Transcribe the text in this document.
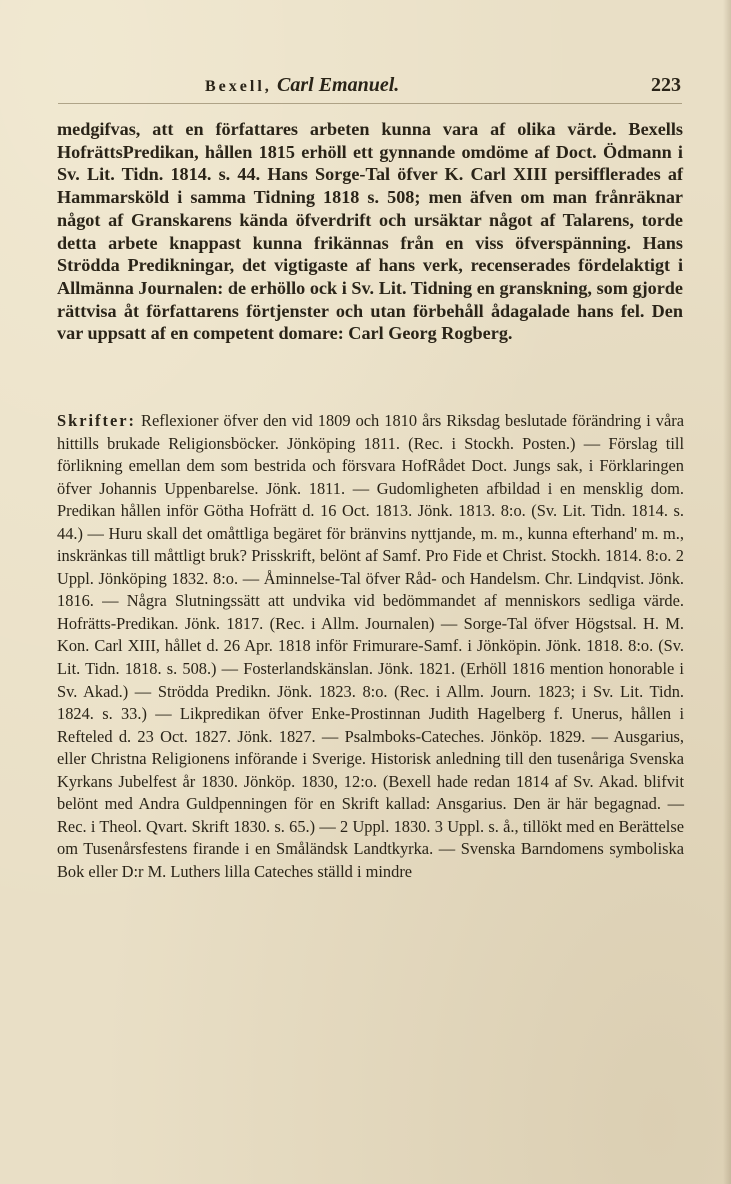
Bexell, Carl Emanuel.	223

medgifvas, att en författares arbeten kunna vara af olika värde. Bexells HofrättsPredikan, hållen 1815 erhöll ett gynnande omdöme af Doct. Ödmann i Sv. Lit. Tidn. 1814. s. 44. Hans Sorge-Tal öfver K. Carl XIII persifflerades af Hammarsköld i samma Tidning 1818 s. 508; men äfven om man frånräknar något af Granskarens kända öfverdrift och ursäktar något af Talarens, torde detta arbete knappast kunna frikännas från en viss öfverspänning. Hans Strödda Predikningar, det vigtigaste af hans verk, recenserades fördelaktigt i Allmänna Journalen: de erhöllo ock i Sv. Lit. Tidning en granskning, som gjorde rättvisa åt författarens förtjenster och utan förbehåll ådagalade hans fel. Den var uppsatt af en competent domare: Carl Georg Rogberg.

Skrifter: Reflexioner öfver den vid 1809 och 1810 års Riksdag beslutade förändring i våra hittills brukade Religionsböcker. Jönköping 1811. (Rec. i Stockh. Posten.) — Förslag till förlikning emellan dem som bestrida och försvara HofRådet Doct. Jungs sak, i Förklaringen öfver Johannis Uppenbarelse. Jönk. 1811. — Gudomligheten afbildad i en mensklig dom. Predikan hållen inför Götha Hofrätt d. 16 Oct. 1813. Jönk. 1813. 8:o. (Sv. Lit. Tidn. 1814. s. 44.) — Huru skall det omåttliga begäret för bränvins nyttjande, m. m., kunna efterhand' m. m., inskränkas till måttligt bruk? Prisskrift, belönt af Samf. Pro Fide et Christ. Stockh. 1814. 8:o. 2 Uppl. Jönköping 1832. 8:o. — Åminnelse-Tal öfver Råd- och Handelsm. Chr. Lindqvist. Jönk. 1816. — Några Slutningssätt att undvika vid bedömmandet af menniskors sedliga värde. Hofrätts-Predikan. Jönk. 1817. (Rec. i Allm. Journalen) — Sorge-Tal öfver Högstsal. H. M. Kon. Carl XIII, hållet d. 26 Apr. 1818 inför Frimurare-Samf. i Jönköpin. Jönk. 1818. 8:o. (Sv. Lit. Tidn. 1818. s. 508.) — Fosterlandskänslan. Jönk. 1821. (Erhöll 1816 mention honorable i Sv. Akad.) — Strödda Predikn. Jönk. 1823. 8:o. (Rec. i Allm. Journ. 1823; i Sv. Lit. Tidn. 1824. s. 33.) — Likpredikan öfver Enke-Prostinnan Judith Hagelberg f. Unerus, hållen i Refteled d. 23 Oct. 1827. Jönk. 1827. — Psalmboks-Cateches. Jönköp. 1829. — Ausgarius, eller Christna Religionens införande i Sverige. Historisk anledning till den tusenåriga Svenska Kyrkans Jubelfest år 1830. Jönköp. 1830, 12:o. (Bexell hade redan 1814 af Sv. Akad. blifvit belönt med Andra Guldpenningen för en Skrift kallad: Ansgarius. Den är här begagnad. — Rec. i Theol. Qvart. Skrift 1830. s. 65.) — 2 Uppl. 1830. 3 Uppl. s. å., tillökt med en Berättelse om Tusenårsfestens firande i en Småländsk Landtkyrka. — Svenska Barndomens symboliska Bok eller D:r M. Luthers lilla Cateches ställd i mindre
